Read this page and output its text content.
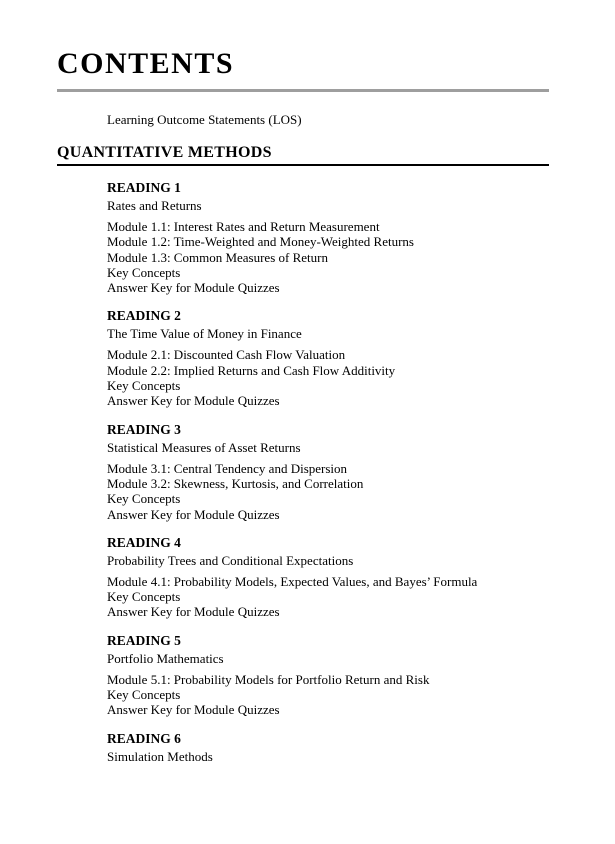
CONTENTS
Learning Outcome Statements (LOS)
QUANTITATIVE METHODS
READING 1
Rates and Returns
Module 1.1: Interest Rates and Return Measurement
Module 1.2: Time-Weighted and Money-Weighted Returns
Module 1.3: Common Measures of Return
Key Concepts
Answer Key for Module Quizzes
READING 2
The Time Value of Money in Finance
Module 2.1: Discounted Cash Flow Valuation
Module 2.2: Implied Returns and Cash Flow Additivity
Key Concepts
Answer Key for Module Quizzes
READING 3
Statistical Measures of Asset Returns
Module 3.1: Central Tendency and Dispersion
Module 3.2: Skewness, Kurtosis, and Correlation
Key Concepts
Answer Key for Module Quizzes
READING 4
Probability Trees and Conditional Expectations
Module 4.1: Probability Models, Expected Values, and Bayes’ Formula
Key Concepts
Answer Key for Module Quizzes
READING 5
Portfolio Mathematics
Module 5.1: Probability Models for Portfolio Return and Risk
Key Concepts
Answer Key for Module Quizzes
READING 6
Simulation Methods
